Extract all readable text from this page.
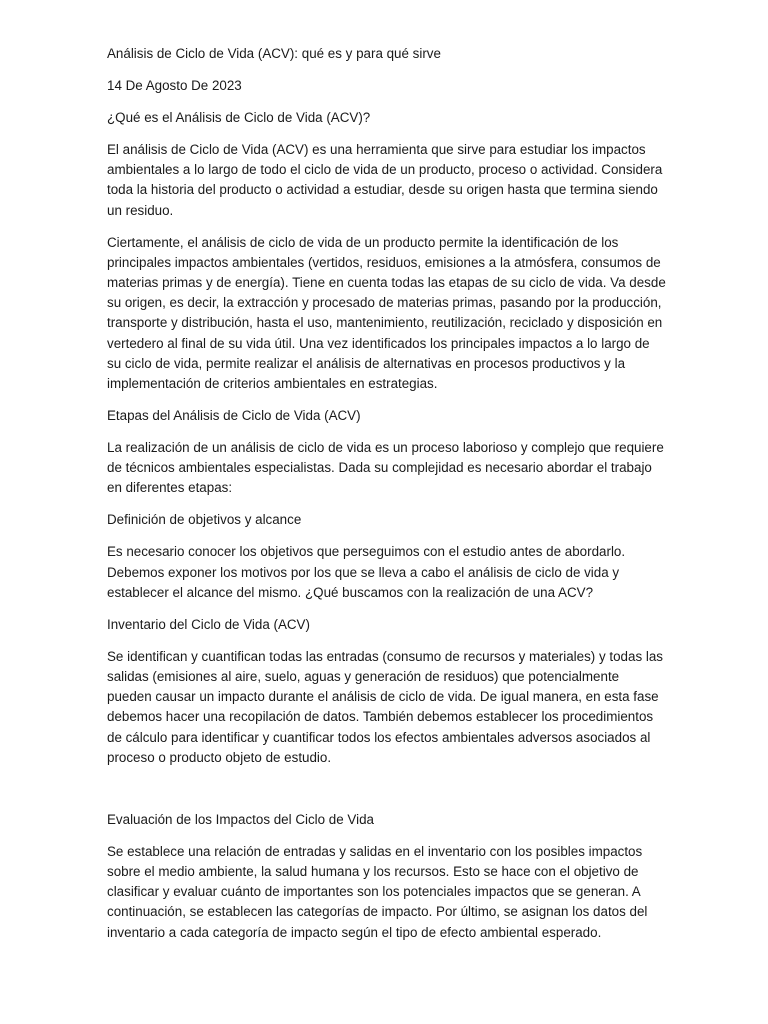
Análisis de Ciclo de Vida (ACV): qué es y para qué sirve

14 De Agosto De 2023

¿Qué es el Análisis de Ciclo de Vida (ACV)?

El análisis de Ciclo de Vida (ACV) es una herramienta que sirve para estudiar los impactos ambientales a lo largo de todo el ciclo de vida de un producto, proceso o actividad. Considera toda la historia del producto o actividad a estudiar, desde su origen hasta que termina siendo un residuo.

Ciertamente, el análisis de ciclo de vida de un producto permite la identificación de los principales impactos ambientales (vertidos, residuos, emisiones a la atmósfera, consumos de materias primas y de energía). Tiene en cuenta todas las etapas de su ciclo de vida. Va desde su origen, es decir, la extracción y procesado de materias primas, pasando por la producción, transporte y distribución, hasta el uso, mantenimiento, reutilización, reciclado y disposición en vertedero al final de su vida útil. Una vez identificados los principales impactos a lo largo de su ciclo de vida, permite realizar el análisis de alternativas en procesos productivos y la implementación de criterios ambientales en estrategias.

Etapas del Análisis de Ciclo de Vida (ACV)

La realización de un análisis de ciclo de vida es un proceso laborioso y complejo que requiere de técnicos ambientales especialistas. Dada su complejidad es necesario abordar el trabajo en diferentes etapas:

Definición de objetivos y alcance

Es necesario conocer los objetivos que perseguimos con el estudio antes de abordarlo. Debemos exponer los motivos por los que se lleva a cabo el análisis de ciclo de vida y establecer el alcance del mismo. ¿Qué buscamos con la realización de una ACV?

Inventario del Ciclo de Vida (ACV)

Se identifican y cuantifican todas las entradas (consumo de recursos y materiales) y todas las salidas (emisiones al aire, suelo, aguas y generación de residuos) que potencialmente pueden causar un impacto durante el análisis de ciclo de vida. De igual manera, en esta fase debemos hacer una recopilación de datos. También debemos establecer los procedimientos de cálculo para identificar y cuantificar todos los efectos ambientales adversos asociados al proceso o producto objeto de estudio.

Evaluación de los Impactos del Ciclo de Vida

Se establece una relación de entradas y salidas en el inventario con los posibles impactos sobre el medio ambiente, la salud humana y los recursos. Esto se hace con el objetivo de clasificar y evaluar cuánto de importantes son los potenciales impactos que se generan. A continuación, se establecen las categorías de impacto. Por último, se asignan los datos del inventario a cada categoría de impacto según el tipo de efecto ambiental esperado.
